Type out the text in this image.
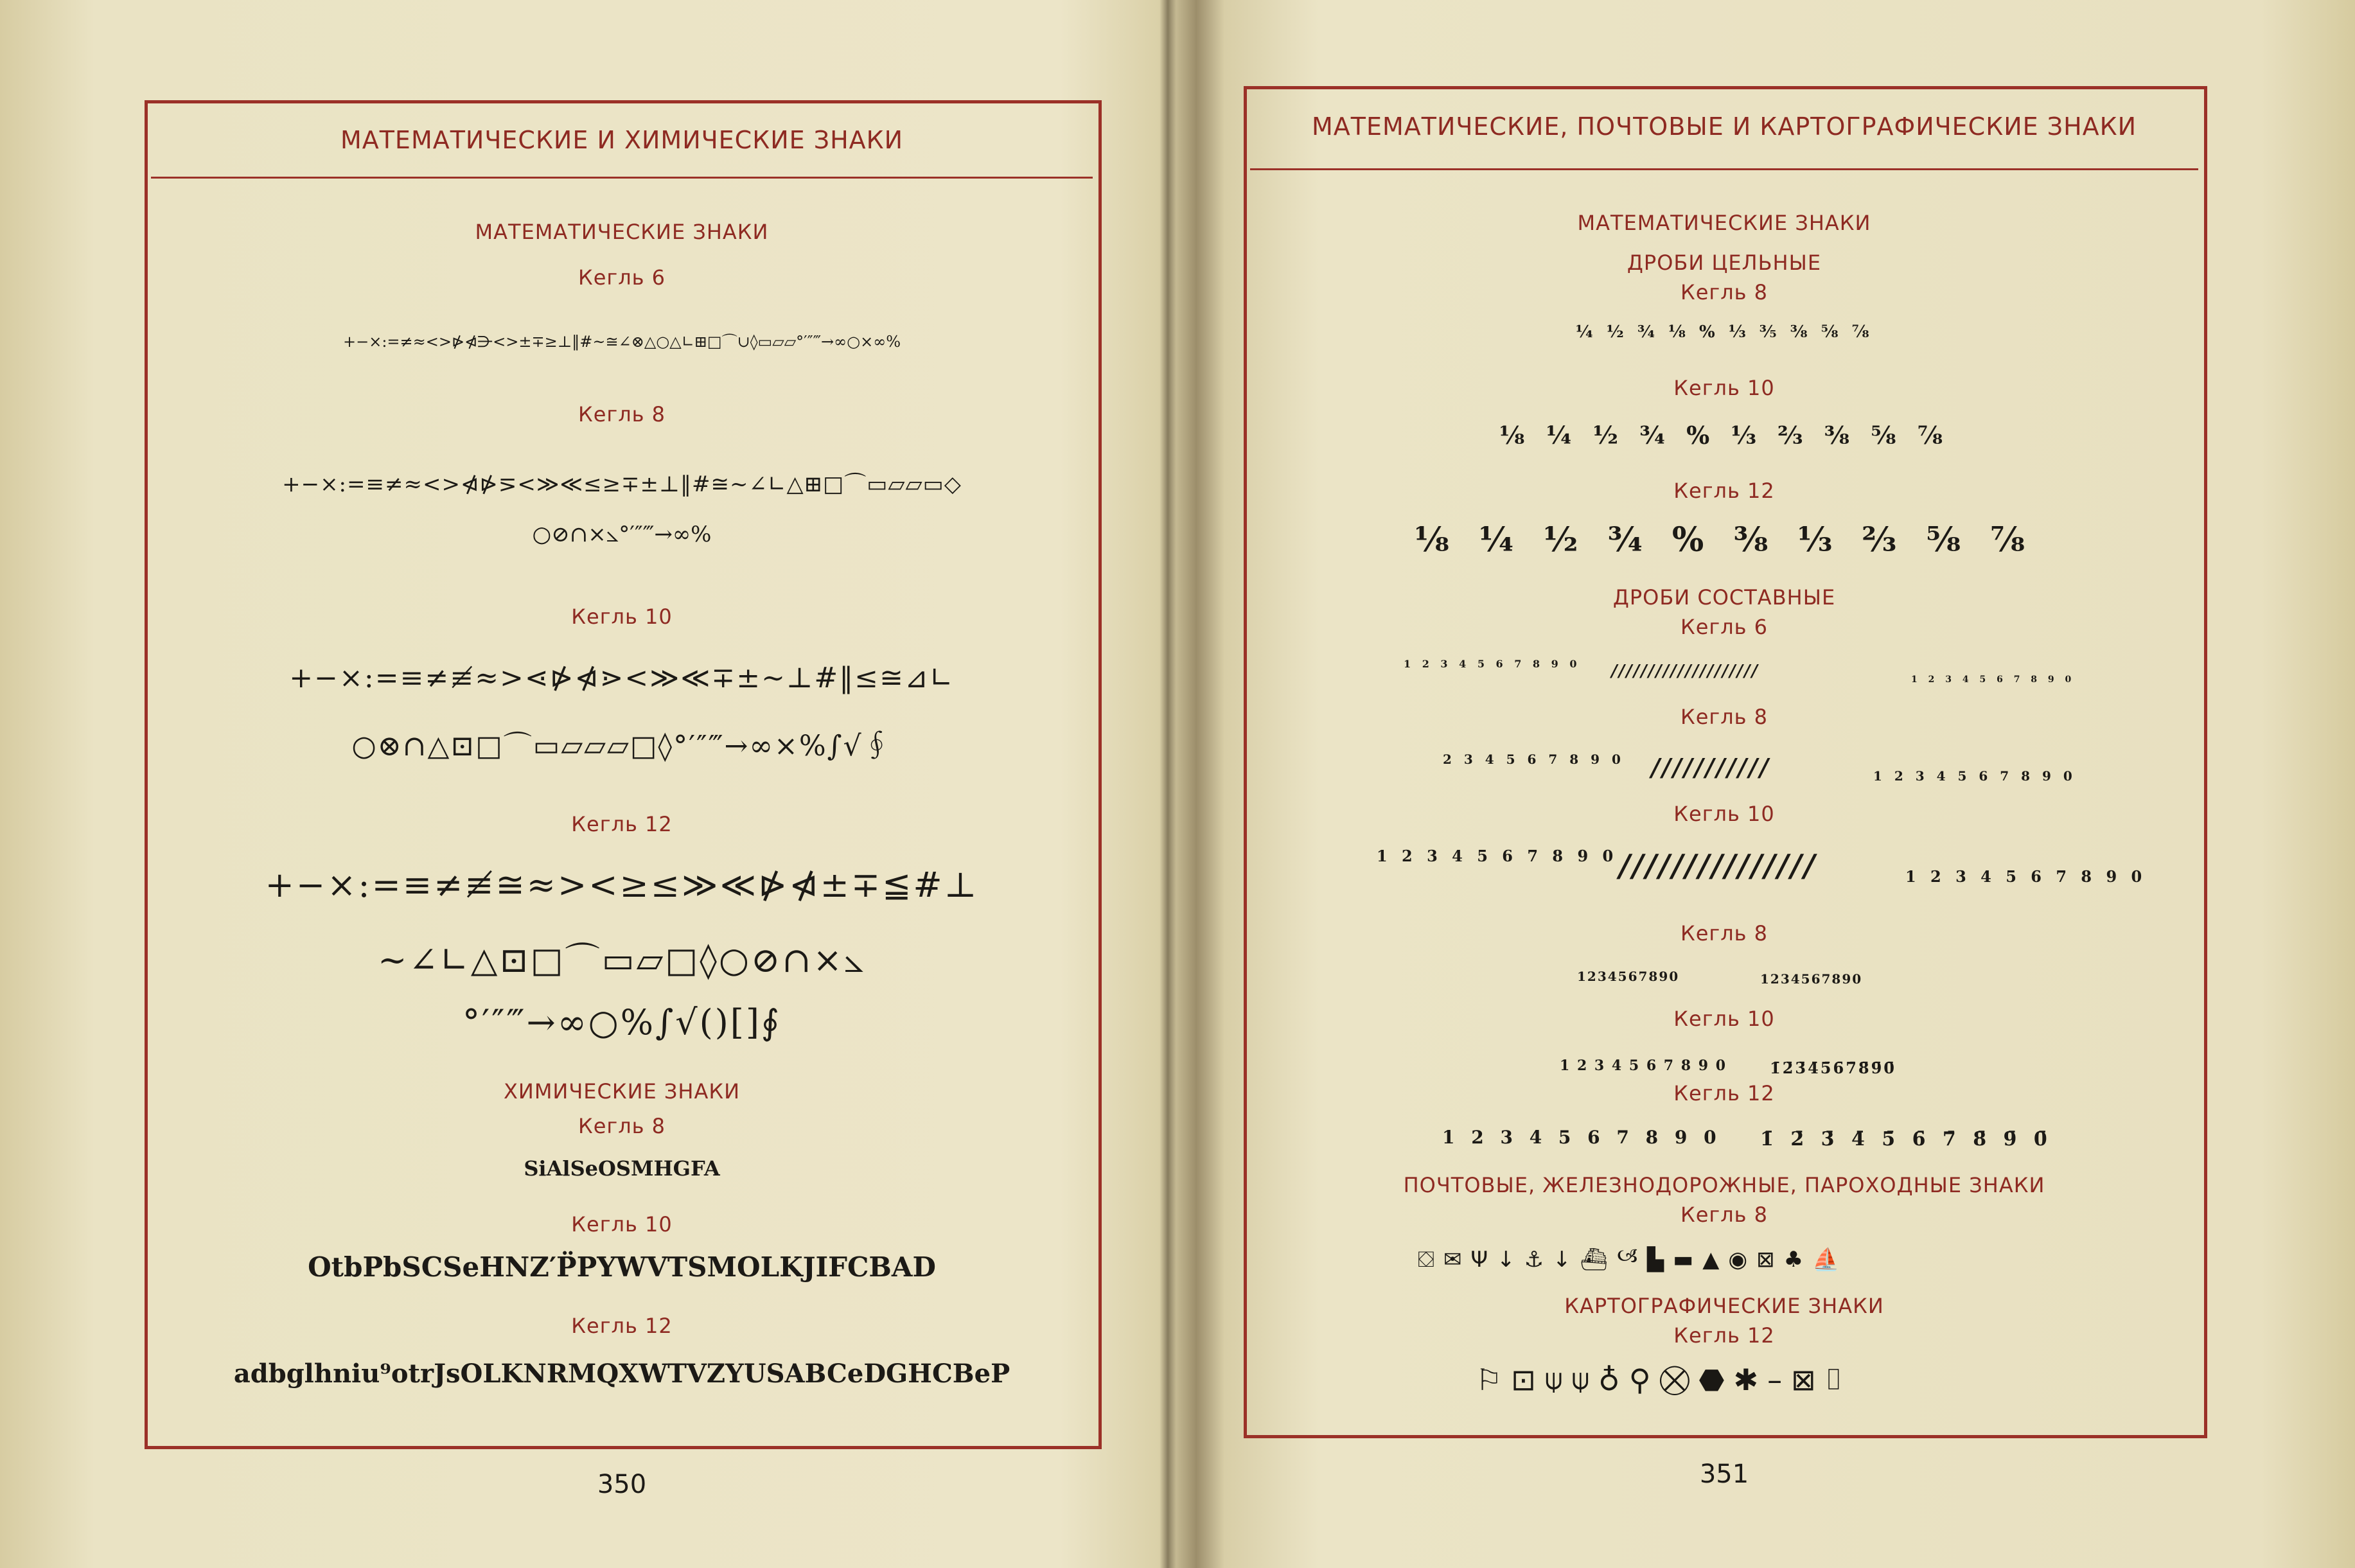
МАТЕМАТИЧЕСКИЕ И ХИМИЧЕСКИЕ ЗНАКИ
МАТЕМАТИЧЕСКИЕ ЗНАКИ
Кегль 6
+−×:=≠≈<>⋫⋪⋺<>±∓≥⊥‖#~≅∠⊗△○△∟⊞□⌒∪◊▭▱▱°′″‴→∞○×∞%
Кегль 8
+−×:=≡≠≈<>⋪⋫⋝<≫≪≤≥∓±⊥‖#≅~∠∟△⊞□⌒▭▱▱▭◇
○⊘∩×⦣°′″‴→∞%
Кегль 10
+−×:=≡≠≢≈>⋖⋫⋪⋗<≫≪∓±~⊥#‖≤≅⊿∟
○⊗∩△⊡□⌒▭▱▱▱□◊°′″‴→∞×%∫√∮
Кегль 12
+−×:=≡≠≢≅≈><≥≤≫≪⋫⋪±∓≦#⊥
~∠∟△⊡□⌒▭▱□◊○⊘∩×⦣
°′″‴→∞○%∫√()[]∮
ХИМИЧЕСКИЕ ЗНАКИ
Кегль 8
SiAlSeOSMHGFA
Кегль 10
OtbPbSCSeHNZ′P̈PYWVTSMOLKJIFCBAD
Кегль 12
adbglhniu⁹otrJsOLKNRMQXWTVZYUSABCeDGHCBeP
350
МАТЕМАТИЧЕСКИЕ, ПОЧТОВЫЕ И КАРТОГРАФИЧЕСКИЕ ЗНАКИ
МАТЕМАТИЧЕСКИЕ ЗНАКИ
ДРОБИ ЦЕЛЬНЫЕ
Кегль 8
¼ ½ ¾ ⅛ % ⅓ ⅗ ⅜ ⅝ ⅞
Кегль 10
⅛ ¼ ½ ¾ % ⅓ ⅔ ⅜ ⅝ ⅞
Кегль 12
⅛ ¼ ½ ¾ % ⅜ ⅓ ⅔ ⅝ ⅞
ДРОБИ СОСТАВНЫЕ
Кегль 6
1 2 3 4 5 6 7 8 9 0 ////////////////////	1 2 3 4 5 6 7 8 9 0
Кегль 8
2 3 4 5 6 7 8 9 0 ///////////	1 2 3 4 5 6 7 8 9 0
Кегль 10
1 2 3 4 5 6 7 8 9 0 ///////////////	1 2 3 4 5 6 7 8 9 0
Кегль 8
1234567890	1234567890
Кегль 10
1 2 3 4 5 6 7 8 9 0	1̄2̄3̄4̄5̄6̄7̄8̄9̄0̄
Кегль 12
1 2 3 4 5 6 7 8 9 0 1̄ 2̄ 3̄ 4̄ 5̄ 6̄ 7̄ 8̄ 9̄ 0̄
ПОЧТОВЫЕ, ЖЕЛЕЗНОДОРОЖНЫЕ, ПАРОХОДНЫЕ ЗНАКИ
Кегль 8
⛋ ✉ Ψ ↓ ⚓ ↓ ⛴ 🙢 ▙ ▬ ▲ ◉ ⊠ ♣ ⛵
КАРТОГРАФИЧЕСКИЕ ЗНАКИ
Кегль 12
⚐ ⊡ ⍦ ⍦ ♁ ⚲ ⛒ ⬣ ✱ – ⊠ ⌷
351
